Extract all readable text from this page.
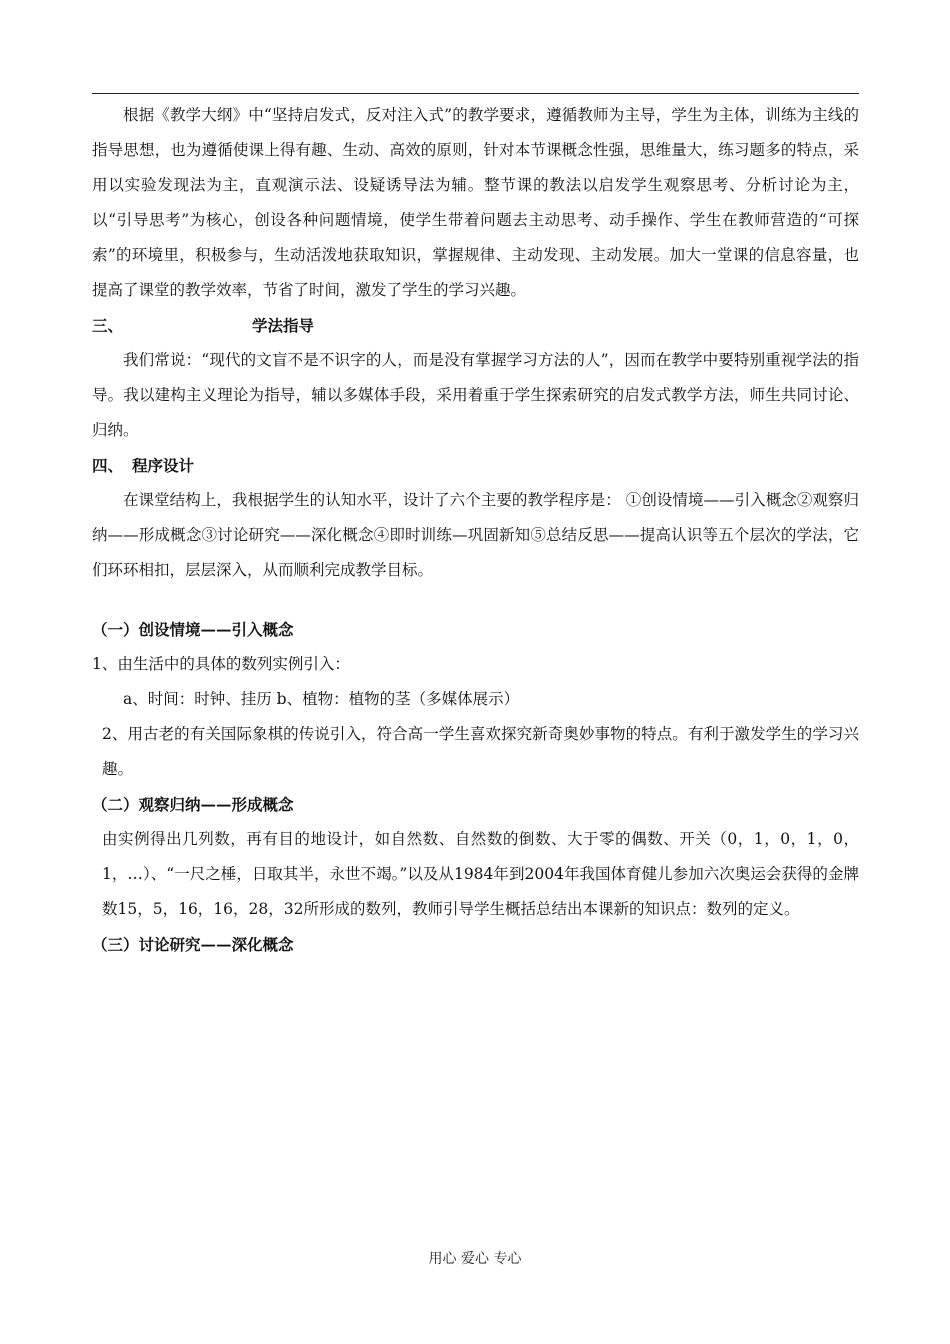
根据《教学大纲》中“坚持启发式，反对注入式”的教学要求，遵循教师为主导，学生为主体，训练为主线的指导思想，也为遵循使课上得有趣、生动、高效的原则，针对本节课概念性强，思维量大，练习题多的特点，采用以实验发现法为主，直观演示法、设疑诱导法为辅。整节课的教法以启发学生观察思考、分析讨论为主，以“引导思考”为核心，创设各种问题情境，使学生带着问题去主动思考、动手操作、学生在教师营造的“可探索”的环境里，积极参与，生动活泼地获取知识，掌握规律、主动发现、主动发展。加大一堂课的信息容量，也提高了课堂的教学效率，节省了时间，激发了学生的学习兴趣。

三、	学法指导

我们常说：“现代的文盲不是不识字的人，而是没有掌握学习方法的人”，因而在教学中要特别重视学法的指导。我以建构主义理论为指导，辅以多媒体手段，采用着重于学生探索研究的启发式教学方法，师生共同讨论、归纳。

四、 程序设计

在课堂结构上，我根据学生的认知水平，设计了六个主要的教学程序是： ①创设情境——引入概念②观察归纳——形成概念③讨论研究——深化概念④即时训练—巩固新知⑤总结反思——提高认识等五个层次的学法，它们环环相扣，层层深入，从而顺利完成教学目标。

（一）创设情境——引入概念

1、由生活中的具体的数列实例引入：

a、时间：时钟、挂历 b、植物：植物的茎（多媒体展示）

2、用古老的有关国际象棋的传说引入，符合高一学生喜欢探究新奇奥妙事物的特点。有利于激发学生的学习兴趣。

（二）观察归纳——形成概念

由实例得出几列数，再有目的地设计，如自然数、自然数的倒数、大于零的偶数、开关（0，1，0，1，0，1，…）、“一尺之棰，日取其半，永世不竭。”以及从1984年到2004年我国体育健儿参加六次奥运会获得的金牌数15，5，16，16，28，32所形成的数列，教师引导学生概括总结出本课新的知识点：数列的定义。

（三）讨论研究——深化概念

用心 爱心 专心
